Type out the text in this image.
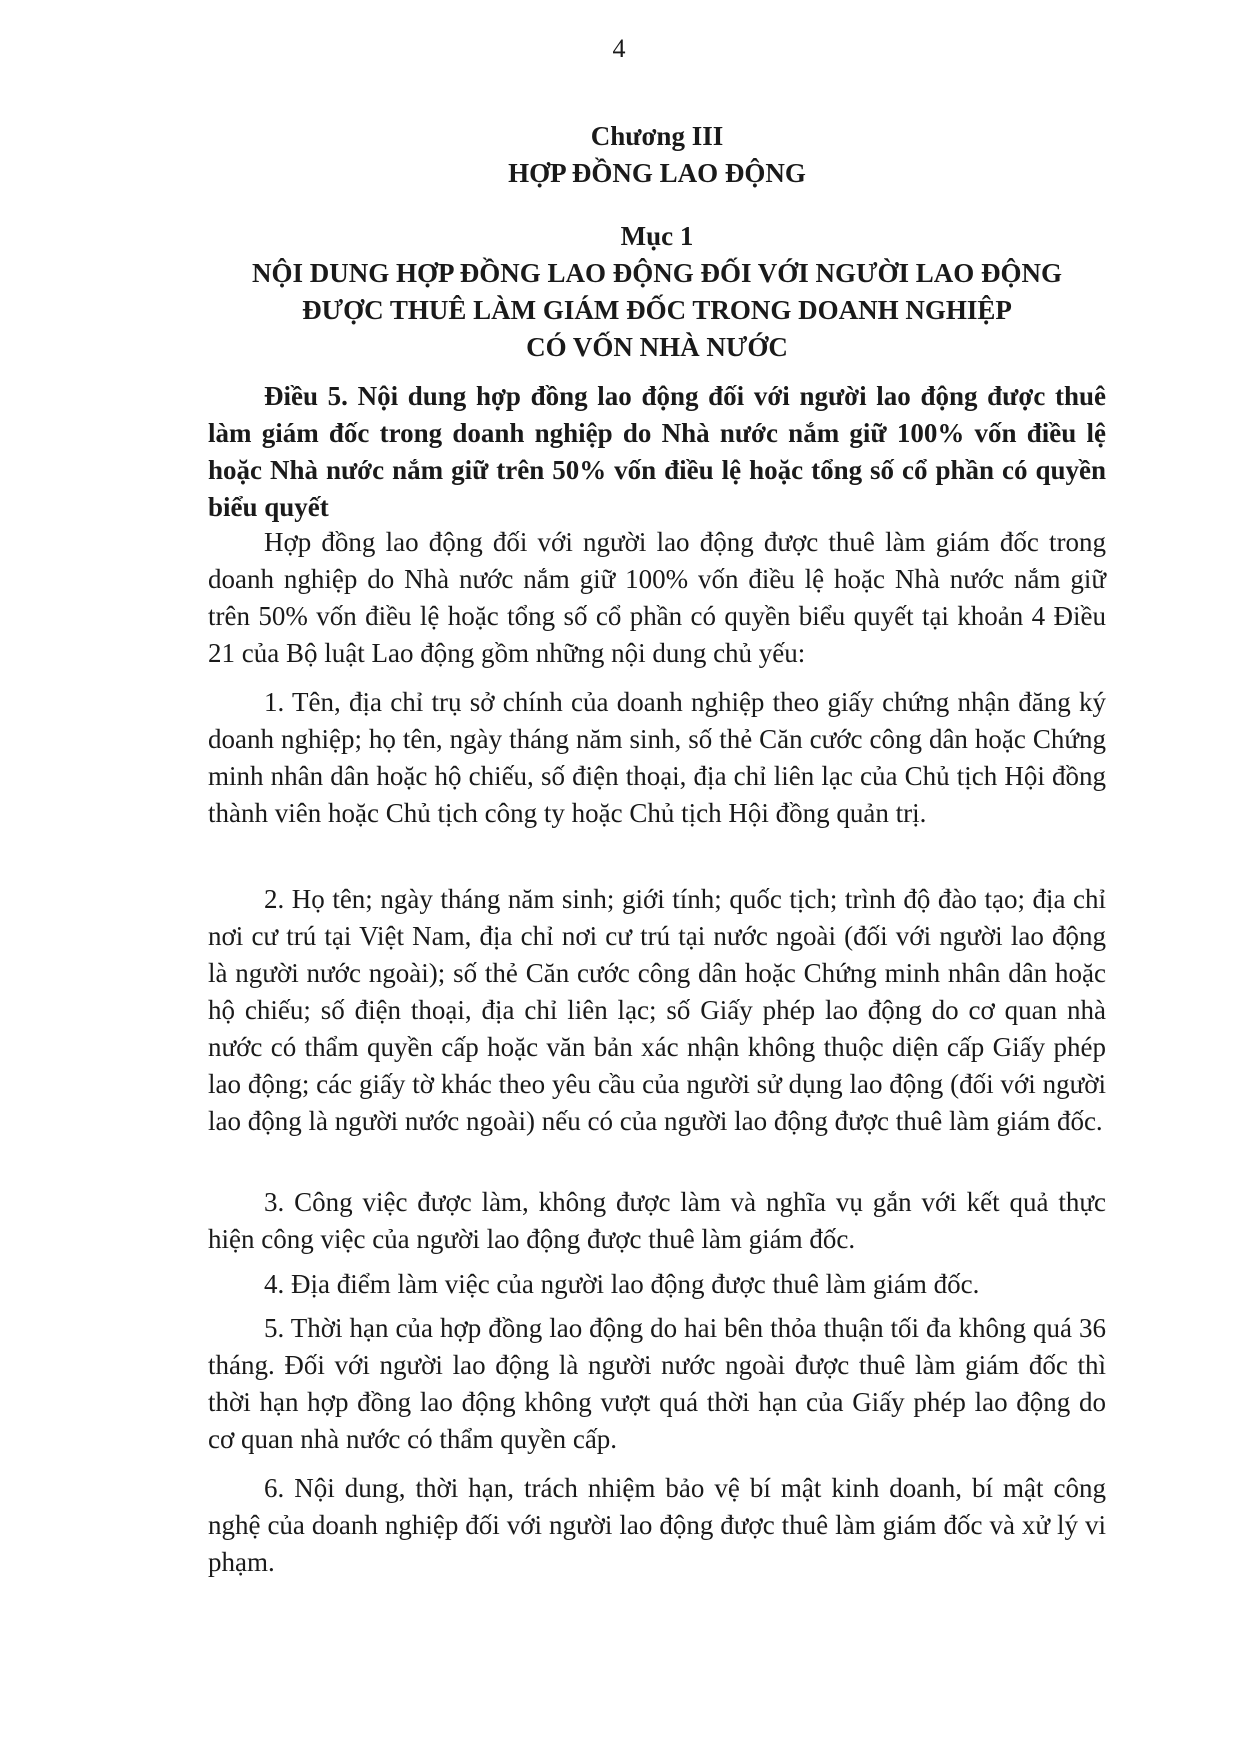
4
Chương III
HỢP ĐỒNG LAO ĐỘNG
Mục 1
NỘI DUNG HỢP ĐỒNG LAO ĐỘNG ĐỐI VỚI NGƯỜI LAO ĐỘNG
ĐƯỢC THUÊ LÀM GIÁM ĐỐC TRONG DOANH NGHIỆP
CÓ VỐN NHÀ NƯỚC
Điều 5. Nội dung hợp đồng lao động đối với người lao động được thuê làm giám đốc trong doanh nghiệp do Nhà nước nắm giữ 100% vốn điều lệ hoặc Nhà nước nắm giữ trên 50% vốn điều lệ hoặc tổng số cổ phần có quyền biểu quyết
Hợp đồng lao động đối với người lao động được thuê làm giám đốc trong doanh nghiệp do Nhà nước nắm giữ 100% vốn điều lệ hoặc Nhà nước nắm giữ trên 50% vốn điều lệ hoặc tổng số cổ phần có quyền biểu quyết tại khoản 4 Điều 21 của Bộ luật Lao động gồm những nội dung chủ yếu:
1. Tên, địa chỉ trụ sở chính của doanh nghiệp theo giấy chứng nhận đăng ký doanh nghiệp; họ tên, ngày tháng năm sinh, số thẻ Căn cước công dân hoặc Chứng minh nhân dân hoặc hộ chiếu, số điện thoại, địa chỉ liên lạc của Chủ tịch Hội đồng thành viên hoặc Chủ tịch công ty hoặc Chủ tịch Hội đồng quản trị.
2. Họ tên; ngày tháng năm sinh; giới tính; quốc tịch; trình độ đào tạo; địa chỉ nơi cư trú tại Việt Nam, địa chỉ nơi cư trú tại nước ngoài (đối với người lao động là người nước ngoài); số thẻ Căn cước công dân hoặc Chứng minh nhân dân hoặc hộ chiếu; số điện thoại, địa chỉ liên lạc; số Giấy phép lao động do cơ quan nhà nước có thẩm quyền cấp hoặc văn bản xác nhận không thuộc diện cấp Giấy phép lao động; các giấy tờ khác theo yêu cầu của người sử dụng lao động (đối với người lao động là người nước ngoài) nếu có của người lao động được thuê làm giám đốc.
3. Công việc được làm, không được làm và nghĩa vụ gắn với kết quả thực hiện công việc của người lao động được thuê làm giám đốc.
4. Địa điểm làm việc của người lao động được thuê làm giám đốc.
5. Thời hạn của hợp đồng lao động do hai bên thỏa thuận tối đa không quá 36 tháng. Đối với người lao động là người nước ngoài được thuê làm giám đốc thì thời hạn hợp đồng lao động không vượt quá thời hạn của Giấy phép lao động do cơ quan nhà nước có thẩm quyền cấp.
6. Nội dung, thời hạn, trách nhiệm bảo vệ bí mật kinh doanh, bí mật công nghệ của doanh nghiệp đối với người lao động được thuê làm giám đốc và xử lý vi phạm.
